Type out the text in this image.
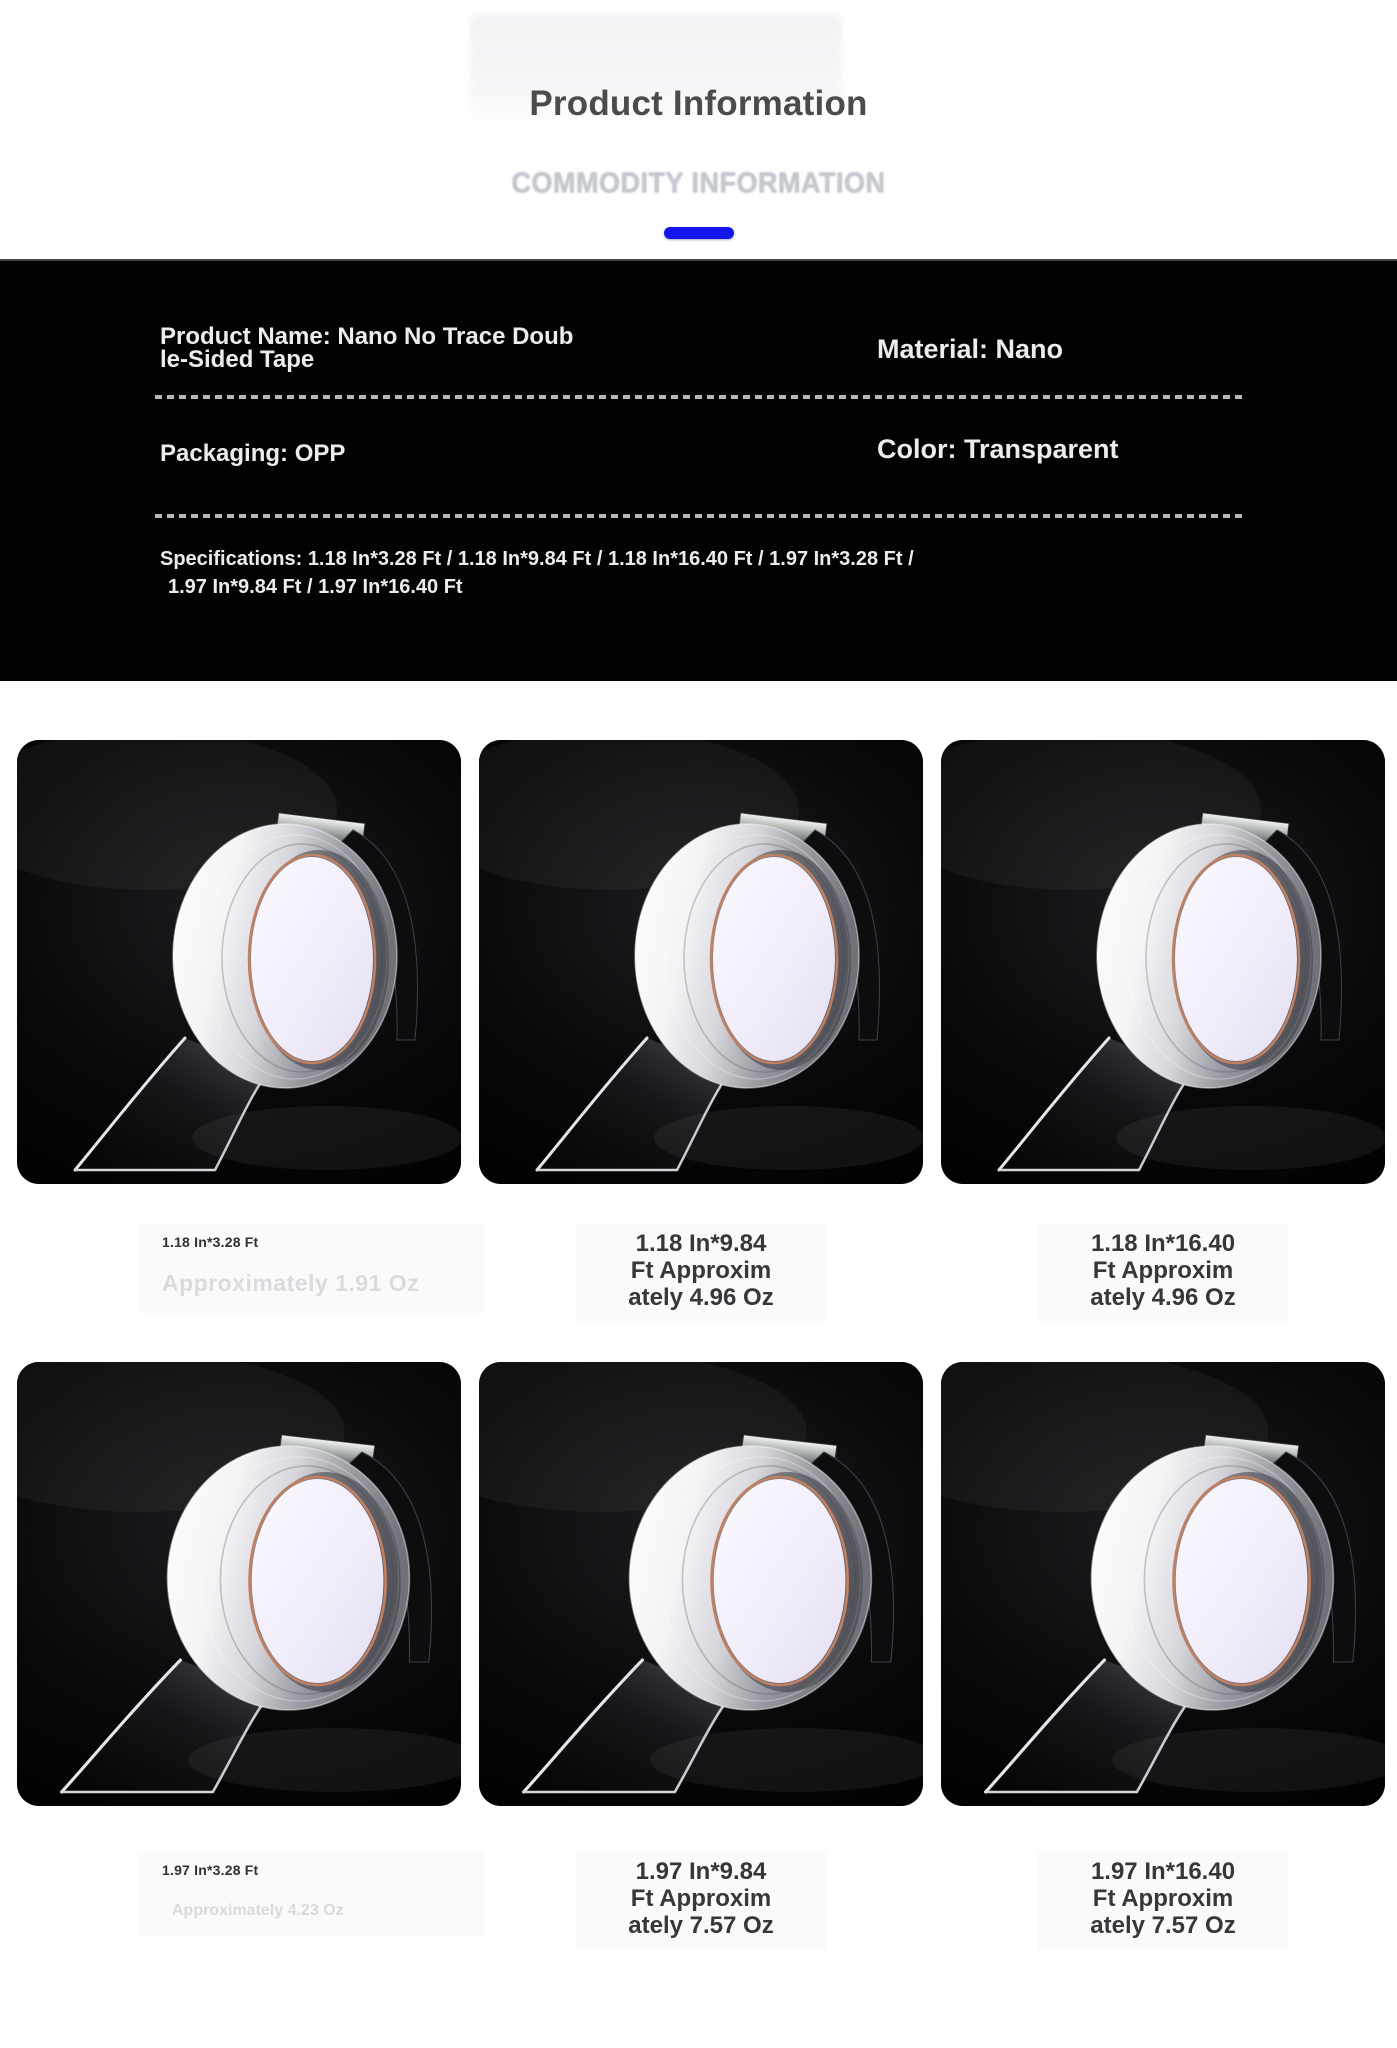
Product Information
COMMODITY INFORMATION
Product Name: Nano No Trace Doub
le-Sided Tape	Material: Nano
Packaging: OPP	Color: Transparent
Specifications: 1.18 In*3.28 Ft / 1.18 In*9.84 Ft / 1.18 In*16.40 Ft / 1.97 In*3.28 Ft /
1.97 In*9.84 Ft / 1.97 In*16.40 Ft
1.18 In*3.28 Ft
Approximately 1.91 Oz
1.18 In*9.84
Ft Approxim
ately 4.96 Oz
1.18 In*16.40
Ft Approxim
ately 4.96 Oz
1.97 In*3.28 Ft
Approximately 4.23 Oz
1.97 In*9.84
Ft Approxim
ately 7.57 Oz
1.97 In*16.40
Ft Approxim
ately 7.57 Oz
